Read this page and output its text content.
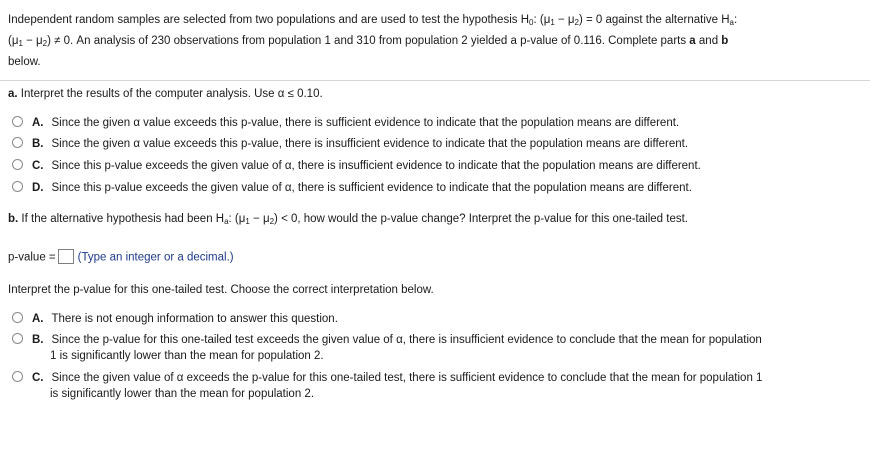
Independent random samples are selected from two populations and are used to test the hypothesis $H_0$: $(\mu_1 - \mu_2) = 0$ against the alternative $H_a$:
$(\mu_1 - \mu_2) \ne 0$. An analysis of 230 observations from population 1 and 310 from population 2 yielded a p-value of 0.116. Complete parts a and b
below.
a. Interpret the results of the computer analysis. Use α ≤ 0.10.
A. Since the given α value exceeds this p-value, there is sufficient evidence to indicate that the population means are different.
B. Since the given α value exceeds this p-value, there is insufficient evidence to indicate that the population means are different.
C. Since this p-value exceeds the given value of α, there is insufficient evidence to indicate that the population means are different.
D. Since this p-value exceeds the given value of α, there is sufficient evidence to indicate that the population means are different.
b. If the alternative hypothesis had been $H_a$: $(\mu_1 - \mu_2) < 0$, how would the p-value change? Interpret the p-value for this one-tailed test.
p-value = (Type an integer or a decimal.)
Interpret the p-value for this one-tailed test. Choose the correct interpretation below.
A. There is not enough information to answer this question.
B. Since the p-value for this one-tailed test exceeds the given value of α, there is insufficient evidence to conclude that the mean for population
1 is significantly lower than the mean for population 2.
C. Since the given value of α exceeds the p-value for this one-tailed test, there is sufficient evidence to conclude that the mean for population 1
is significantly lower than the mean for population 2.
